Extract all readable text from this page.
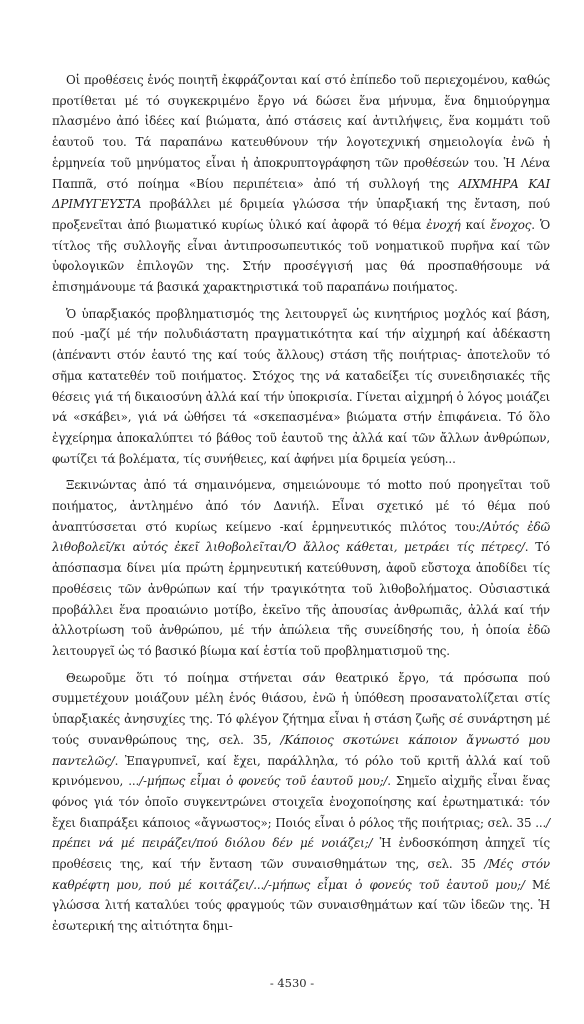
Οἱ προθέσεις ἑνός ποιητῆ ἐκφράζονται καί στό ἐπίπεδο τοῦ περιεχομένου, καθώς προτίθεται μέ τό συγκεκριμένο ἔργο νά δώσει ἕνα μήνυμα, ἕνα δημιούργημα πλασμένο ἀπό ἰδέες καί βιώματα, ἀπό στάσεις καί ἀντιλήψεις, ἕνα κομμάτι τοῦ ἑαυτοῦ του. Τά παραπάνω κατευθύνουν τήν λογοτεχνική σημειολογία ἐνῶ ἡ ἑρμηνεία τοῦ μηνύματος εἶναι ἡ ἀποκρυπτογράφηση τῶν προθέσεών του. Ἡ Λένα Παππᾶ, στό ποίημα «Βίου περιπέτεια» ἀπό τή συλλογή της ΑΙΧΜΗΡΑ ΚΑΙ ΔΡΙΜΥΓΕΥΣΤΑ προβάλλει μέ δριμεία γλώσσα τήν ὑπαρξιακή της ἔνταση, πού προξενεῖται ἀπό βιωματικό κυρίως ὑλικό καί ἀφορᾶ τό θέμα ἐνοχή καί ἔνοχος. Ὁ τίτλος τῆς συλλογῆς εἶναι ἀντιπροσωπευτικός τοῦ νοηματικοῦ πυρῆνα καί τῶν ὑφολογικῶν ἐπιλογῶν της. Στήν προσέγγισή μας θά προσπαθήσουμε νά ἐπισημάνουμε τά βασικά χαρακτηριστικά τοῦ παραπάνω ποιήματος.

Ὁ ὑπαρξιακός προβληματισμός της λειτουργεῖ ὡς κινητήριος μοχλός καί βάση, πού -μαζί μέ τήν πολυδιάστατη πραγματικότητα καί τήν αἰχμηρή καί ἀδέκαστη (ἀπέναντι στόν ἑαυτό της καί τούς ἄλλους) στάση τῆς ποιήτριας- ἀποτελοῦν τό σῆμα κατατεθέν τοῦ ποιήματος. Στόχος της νά καταδείξει τίς συνειδησιακές τῆς θέσεις γιά τή δικαιοσύνη ἀλλά καί τήν ὑποκρισία. Γίνεται αἰχμηρή ὁ λόγος μοιάζει νά «σκάβει», γιά νά ὠθήσει τά «σκεπασμένα» βιώματα στήν ἐπιφάνεια. Τό ὅλο ἐγχείρημα ἀποκαλύπτει τό βάθος τοῦ ἑαυτοῦ της ἀλλά καί τῶν ἄλλων ἀνθρώπων, φωτίζει τά βολέματα, τίς συνήθειες, καί ἀφήνει μία δριμεία γεύση...

Ξεκινώντας ἀπό τά σημαινόμενα, σημειώνουμε τό motto πού προηγεῖται τοῦ ποιήματος, ἀντλημένο ἀπό τόν Δανιήλ. Εἶναι σχετικό μέ τό θέμα πού ἀναπτύσσεται στό κυρίως κείμενο -καί ἑρμηνευτικός πιλότος του:/Αὐτός ἐδῶ λιθοβολεῖ/κι αὐτός ἐκεῖ λιθοβολεῖται/Ὁ ἄλλος κάθεται, μετράει τίς πέτρες/. Τό ἀπόσπασμα δίνει μία πρώτη ἑρμηνευτική κατεύθυνση, ἀφοῦ εὔστοχα ἀποδίδει τίς προθέσεις τῶν ἀνθρώπων καί τήν τραγικότητα τοῦ λιθοβολήματος. Οὐσιαστικά προβάλλει ἕνα προαιώνιο μοτίβο, ἐκεῖνο τῆς ἀπουσίας ἀνθρωπιᾶς, ἀλλά καί τήν ἀλλοτρίωση τοῦ ἀνθρώπου, μέ τήν ἀπώλεια τῆς συνείδησής του, ἡ ὁποία ἐδῶ λειτουργεῖ ὡς τό βασικό βίωμα καί ἑστία τοῦ προβληματισμοῦ της.

Θεωροῦμε ὅτι τό ποίημα στήνεται σάν θεατρικό ἔργο, τά πρόσωπα πού συμμετέχουν μοιάζουν μέλη ἑνός θιάσου, ἐνῶ ἡ ὑπόθεση προσανατολίζεται στίς ὑπαρξιακές ἀνησυχίες της. Τό φλέγον ζήτημα εἶναι ἡ στάση ζωῆς σέ συνάρτηση μέ τούς συνανθρώπους της, σελ. 35, /Κάποιος σκοτώνει κάποιον ἄγνωστό μου παντελῶς/. Ἐπαγρυπνεῖ, καί ἔχει, παράλληλα, τό ρόλο τοῦ κριτῆ ἀλλά καί τοῦ κρινόμενου, .../-μήπως εἶμαι ὁ φονεύς τοῦ ἑαυτοῦ μου;/. Σημεῖο αἰχμῆς εἶναι ἕνας φόνος γιά τόν ὁποῖο συγκεντρώνει στοιχεῖα ἐνοχοποίησης καί ἐρωτηματικά: τόν ἔχει διαπράξει κάποιος «ἄγνωστος»; Ποιός εἶναι ὁ ρόλος τῆς ποιήτριας; σελ. 35 .../πρέπει νά μέ πειράζει/πού διόλου δέν μέ νοιάζει;/ Ἡ ἐνδοσκόπηση ἀπηχεῖ τίς προθέσεις της, καί τήν ἔνταση τῶν συναισθημάτων της, σελ. 35 /Μές στόν καθρέφτη μου, πού μέ κοιτάζει/.../-μήπως εἶμαι ὁ φονεύς τοῦ ἑαυτοῦ μου;/ Μέ γλώσσα λιτή καταλύει τούς φραγμούς τῶν συναισθημάτων καί τῶν ἰδεῶν της. Ἡ ἐσωτερική της αἰτιότητα δημι-

- 4530 -
